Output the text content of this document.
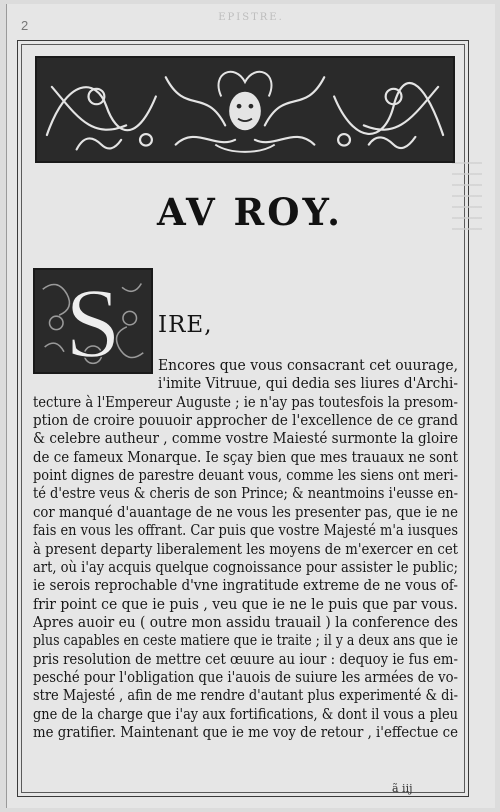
2
EPISTRE.
AV ROY.
S IRE,
Encores que vous consacrant cet ouurage,
i'imite Vitruue, qui dedia ses liures d'Archi-
tecture à l'Empereur Auguste ; ie n'ay pas toutesfois la presom-
ption de croire pouuoir approcher de l'excellence de ce grand
& celebre autheur , comme vostre Maiesté surmonte la gloire
de ce fameux Monarque. Ie sçay bien que mes trauaux ne sont
point dignes de parestre deuant vous, comme les siens ont meri-
té d'estre veus & cheris de son Prince; & neantmoins i'eusse en-
cor manqué d'auantage de ne vous les presenter pas, que ie ne
fais en vous les offrant. Car puis que vostre Majesté m'a iusques
à present departy liberalement les moyens de m'exercer en cet
art, où i'ay acquis quelque cognoissance pour assister le public;
ie serois reprochable d'vne ingratitude extreme de ne vous of-
frir point ce que ie puis , veu que ie ne le puis que par vous.
Apres auoir eu ( outre mon assidu trauail ) la conference des
plus capables en ceste matiere que ie traite ; il y a deux ans que ie
pris resolution de mettre cet œuure au iour : dequoy ie fus em-
pesché pour l'obligation que i'auois de suiure les armées de vo-
stre Majesté , afin de me rendre d'autant plus experimenté & di-
gne de la charge que i'ay aux fortifications, & dont il vous a pleu
me gratifier. Maintenant que ie me voy de retour , i'effectue ce
ã iij
